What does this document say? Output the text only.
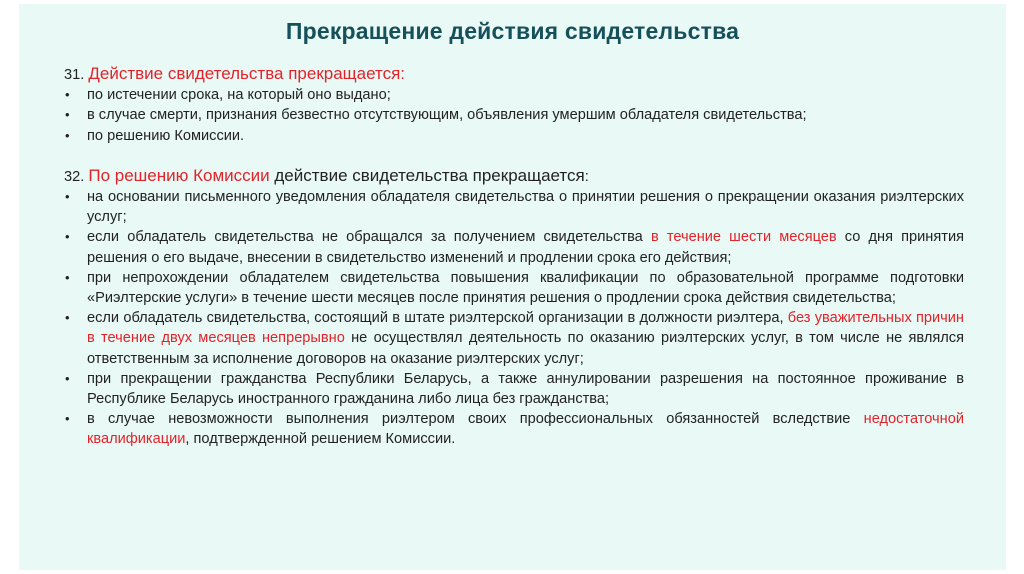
Прекращение действия свидетельства

31. Действие свидетельства прекращается:

• по истечении срока, на который оно выдано;
• в случае смерти, признания безвестно отсутствующим, объявления умершим обладателя свидетельства;
• по решению Комиссии.

32. По решению Комиссии действие свидетельства прекращается:

• на основании письменного уведомления обладателя свидетельства о принятии решения о прекращении оказания риэлтерских услуг;
• если обладатель свидетельства не обращался за получением свидетельства в течение шести месяцев со дня принятия решения о его выдаче, внесении в свидетельство изменений и продлении срока его действия;
• при непрохождении обладателем свидетельства повышения квалификации по образовательной программе подготовки «Риэлтерские услуги» в течение шести месяцев после принятия решения о продлении срока действия свидетельства;
• если обладатель свидетельства, состоящий в штате риэлтерской организации в должности риэлтера, без уважительных причин в течение двух месяцев непрерывно не осуществлял деятельность по оказанию риэлтерских услуг, в том числе не являлся ответственным за исполнение договоров на оказание риэлтерских услуг;
• при прекращении гражданства Республики Беларусь, а также аннулировании разрешения на постоянное проживание в Республике Беларусь иностранного гражданина либо лица без гражданства;
• в случае невозможности выполнения риэлтером своих профессиональных обязанностей вследствие недостаточной квалификации, подтвержденной решением Комиссии.
